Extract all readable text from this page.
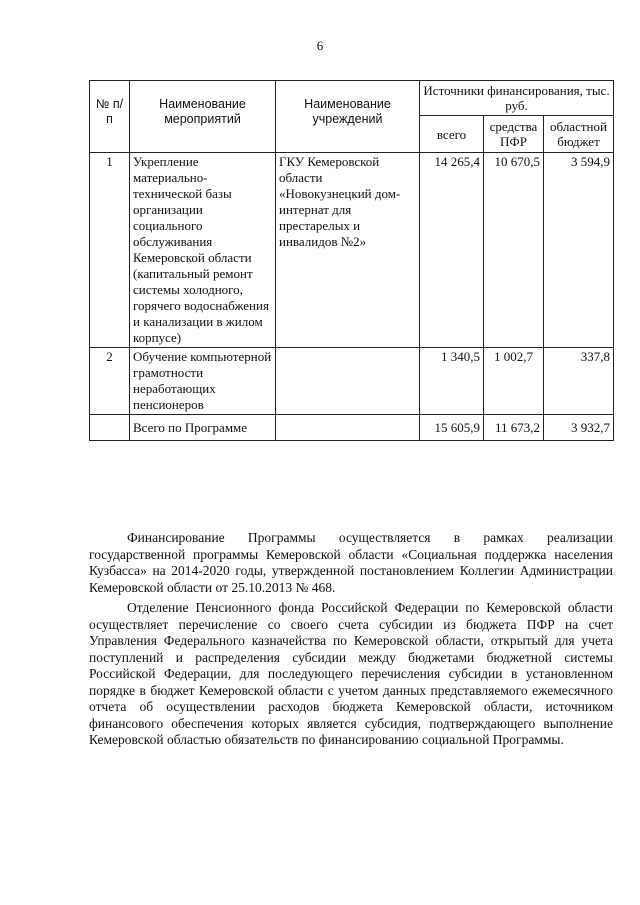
6
№ п/п	Наименование мероприятий	Наименование учреждений	Источники финансирования, тыс. руб.		
			всего	средства ПФР	областной бюджет
1	Укрепление материально-технической базы организации социального обслуживания Кемеровской области (капитальный ремонт системы холодного, горячего водоснабжения и канализации в жилом корпусе)	ГКУ Кемеровской области «Новокузнецкий дом-интернат для престарелых и инвалидов №2»	14 265,4	10 670,5	3 594,9
2	Обучение компьютерной грамотности неработающих пенсионеров		1 340,5	1 002,7	337,8
	Всего по Программе		15 605,9	11 673,2	3 932,7

Финансирование Программы осуществляется в рамках реализации государственной программы Кемеровской области «Социальная поддержка населения Кузбасса» на 2014-2020 годы, утвержденной постановлением Коллегии Администрации Кемеровской области от 25.10.2013 № 468.

Отделение Пенсионного фонда Российской Федерации по Кемеровской области осуществляет перечисление со своего счета субсидии из бюджета ПФР на счет Управления Федерального казначейства по Кемеровской области, открытый для учета поступлений и распределения субсидии между бюджетами бюджетной системы Российской Федерации, для последующего перечисления субсидии в установленном порядке в бюджет Кемеровской области с учетом данных представляемого ежемесячного отчета об осуществлении расходов бюджета Кемеровской области, источником финансового обеспечения которых является субсидия, подтверждающего выполнение Кемеровской областью обязательств по финансированию социальной Программы.
